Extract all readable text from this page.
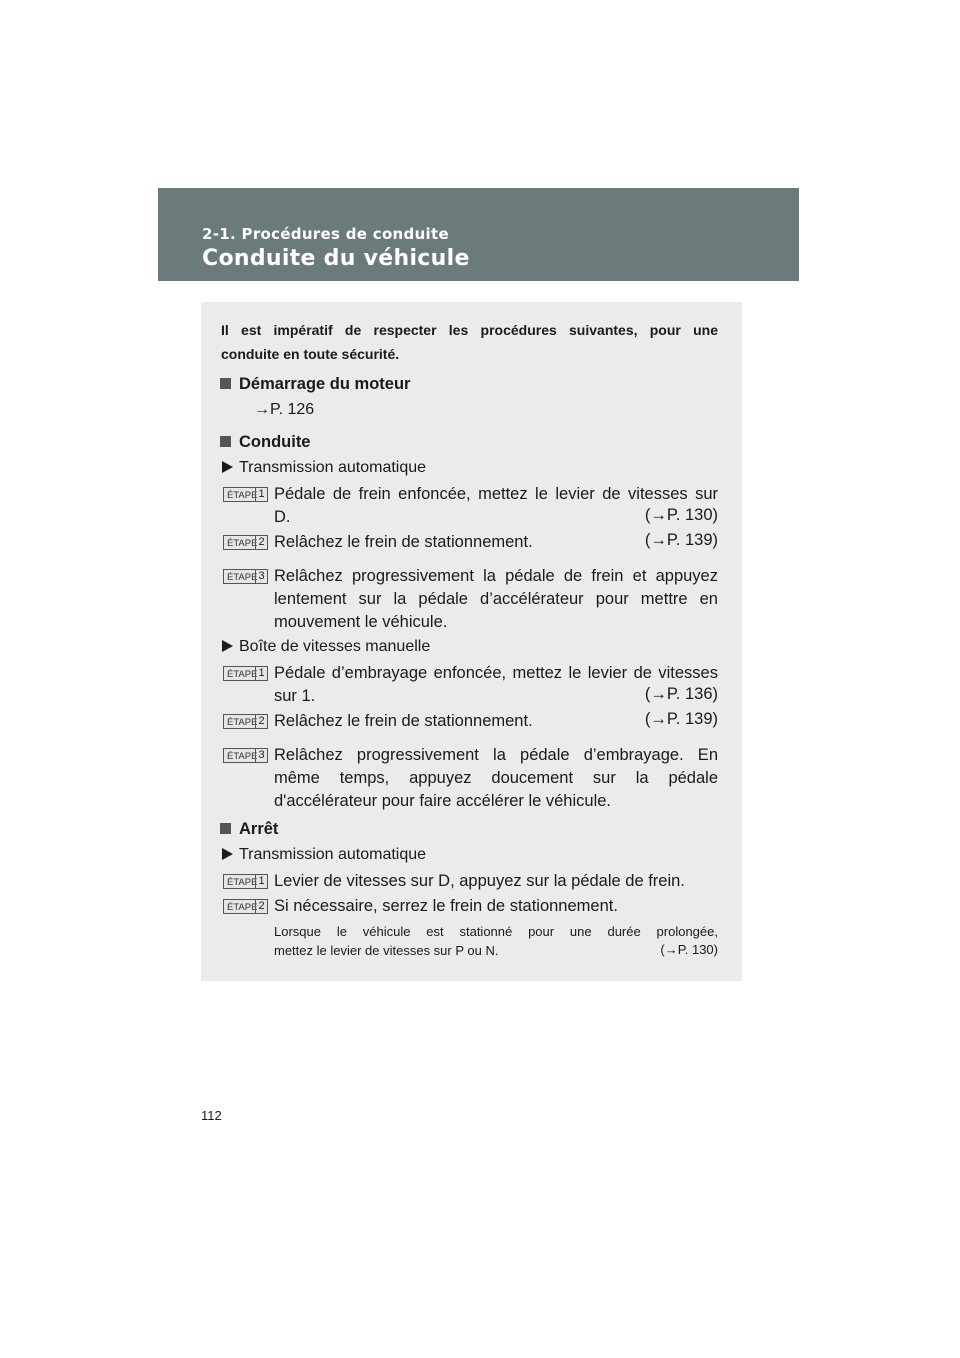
2-1. Procédures de conduite
Conduite du véhicule
Il est impératif de respecter les procédures suivantes, pour une
conduite en toute sécurité.
Démarrage du moteur
→P. 126
Conduite
Transmission automatique
ÉTAPE 1 Pédale de frein enfoncée, mettez le levier de vitesses sur
D.	(→P. 130)
ÉTAPE 2 Relâchez le frein de stationnement.	(→P. 139)
ÉTAPE 3 Relâchez progressivement la pédale de frein et appuyez
lentement sur la pédale d’accélérateur pour mettre en
mouvement le véhicule.
Boîte de vitesses manuelle
ÉTAPE 1 Pédale d’embrayage enfoncée, mettez le levier de vitesses
sur 1.	(→P. 136)
ÉTAPE 2 Relâchez le frein de stationnement.	(→P. 139)
ÉTAPE 3 Relâchez progressivement la pédale d’embrayage. En
même temps, appuyez doucement sur la pédale
d'accélérateur pour faire accélérer le véhicule.
Arrêt
Transmission automatique
ÉTAPE 1 Levier de vitesses sur D, appuyez sur la pédale de frein.
ÉTAPE 2 Si nécessaire, serrez le frein de stationnement.
Lorsque le véhicule est stationné pour une durée prolongée,
mettez le levier de vitesses sur P ou N.	(→P. 130)
112
